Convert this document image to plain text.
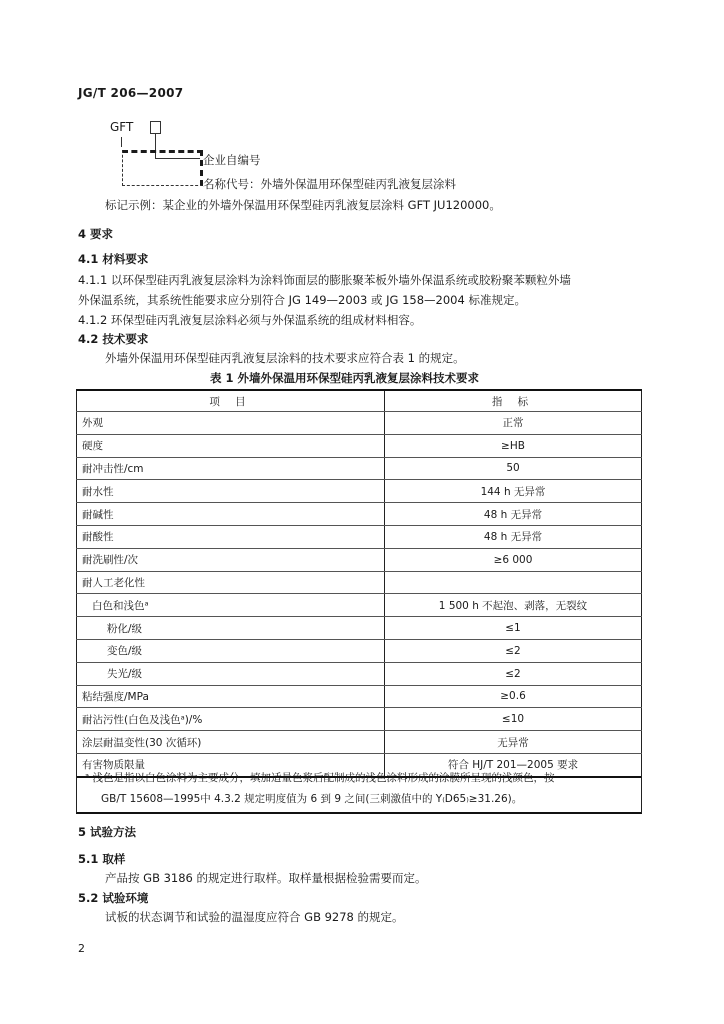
JG/T 206—2007
GFT
企业自编号
名称代号：外墙外保温用环保型硅丙乳液复层涂料
标记示例：某企业的外墙外保温用环保型硅丙乳液复层涂料 GFT JU120000。
4 要求
4.1 材料要求
4.1.1 以环保型硅丙乳液复层涂料为涂料饰面层的膨胀聚苯板外墙外保温系统或胶粉聚苯颗粒外墙
外保温系统，其系统性能要求应分别符合 JG 149—2003 或 JG 158—2004 标准规定。
4.1.2 环保型硅丙乳液复层涂料必须与外保温系统的组成材料相容。
4.2 技术要求
外墙外保温用环保型硅丙乳液复层涂料的技术要求应符合表 1 的规定。
表 1 外墙外保温用环保型硅丙乳液复层涂料技术要求
项 目	指 标
外观	正常
硬度	≥HB
耐冲击性/cm	50
耐水性	144 h 无异常
耐碱性	48 h 无异常
耐酸性	48 h 无异常
耐洗刷性/次	≥6 000
耐人工老化性	
白色和浅色ᵃ	1 500 h 不起泡、剥落，无裂纹
粉化/级	≤1
变色/级	≤2
失光/级	≤2
粘结强度/MPa	≥0.6
耐沾污性(白色及浅色ᵃ)/%	≤10
涂层耐温变性(30 次循环)	无异常
有害物质限量	符合 HJ/T 201—2005 要求
ᵃ 浅色是指以白色涂料为主要成分，填加适量色浆后配制成的浅色涂料形成的涂膜所呈现的浅颜色，按
GB/T 15608—1995中 4.3.2 规定明度值为 6 到 9 之间(三刺激值中的 Y₍D65₎≥31.26)。
5 试验方法
5.1 取样
产品按 GB 3186 的规定进行取样。取样量根据检验需要而定。
5.2 试验环境
试板的状态调节和试验的温湿度应符合 GB 9278 的规定。
2
